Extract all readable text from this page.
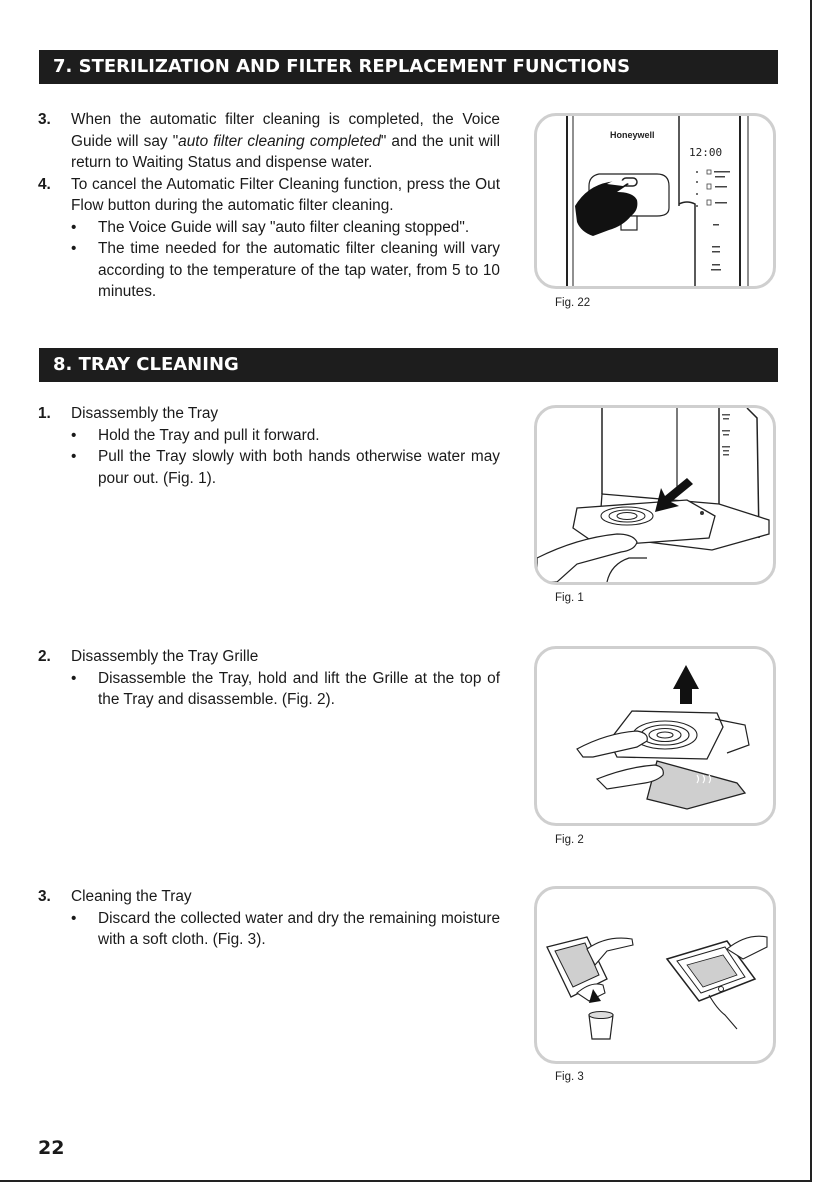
7. STERILIZATION AND FILTER REPLACEMENT FUNCTIONS
3. When the automatic filter cleaning is completed, the Voice Guide will say "auto filter cleaning completed" and the unit will return to Waiting Status and dispense water.
4. To cancel the Automatic Filter Cleaning function, press the Out Flow button during the automatic filter cleaning.
• The Voice Guide will say "auto filter cleaning stopped".
• The time needed for the automatic filter cleaning will vary according to the temperature of the tap water, from 5 to 10 minutes.
Honeywell
12:00
Fig. 22
8. TRAY CLEANING
1. Disassembly the Tray
• Hold the Tray and pull it forward.
• Pull the Tray slowly with both hands otherwise water may pour out. (Fig. 1).
Fig. 1
2. Disassembly the Tray Grille
• Disassemble the Tray, hold and lift the Grille at the top of the Tray and disassemble. (Fig. 2).
Fig. 2
3. Cleaning the Tray
• Discard the collected water and dry the remaining moisture with a soft cloth. (Fig. 3).
Fig. 3
22
